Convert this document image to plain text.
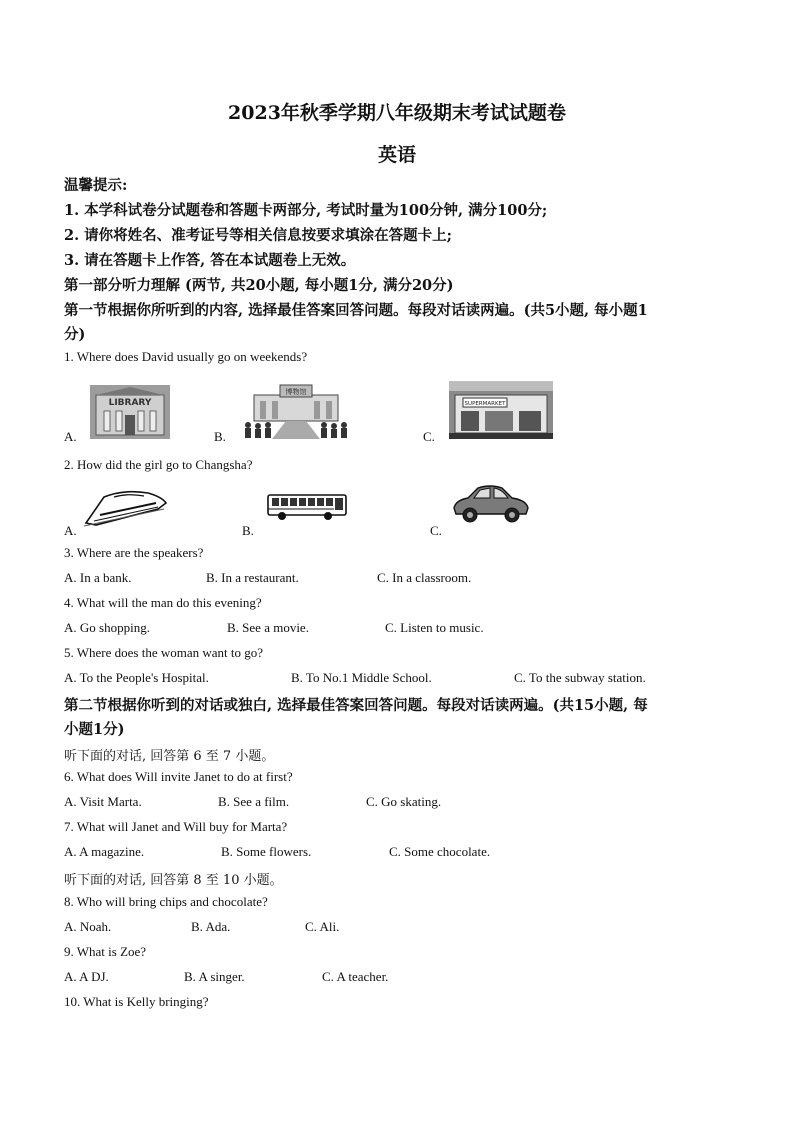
2023年秋季学期八年级期末考试试题卷
英语
温馨提示:
1. 本学科试卷分试题卷和答题卡两部分, 考试时量为100分钟, 满分100分;
2. 请你将姓名、准考证号等相关信息按要求填涂在答题卡上;
3. 请在答题卡上作答, 答在本试题卷上无效。
第一部分听力理解 (两节, 共20小题, 每小题1分, 满分20分)
第一节根据你所听到的内容, 选择最佳答案回答问题。每段对话读两遍。(共5小题, 每小题1
分)
1. Where does David usually go on weekends?
A.	B.	C.
LIBRARY
博物馆
SUPERMARKET
2. How did the girl go to Changsha?
A.	B.	C.
3. Where are the speakers?
A. In a bank.	B. In a restaurant.	C. In a classroom.
4. What will the man do this evening?
A. Go shopping.	B. See a movie.	C. Listen to music.
5. Where does the woman want to go?
A. To the People's Hospital.	B. To No.1 Middle School.	C. To the subway station.
第二节根据你听到的对话或独白, 选择最佳答案回答问题。每段对话读两遍。(共15小题, 每
小题1分)
听下面的对话, 回答第 6 至 7 小题。
6. What does Will invite Janet to do at first?
A. Visit Marta.	B. See a film.	C. Go skating.
7. What will Janet and Will buy for Marta?
A. A magazine.	B. Some flowers.	C. Some chocolate.
听下面的对话, 回答第 8 至 10 小题。
8. Who will bring chips and chocolate?
A. Noah.	B. Ada.	C. Ali.
9. What is Zoe?
A. A DJ.	B. A singer.	C. A teacher.
10. What is Kelly bringing?
